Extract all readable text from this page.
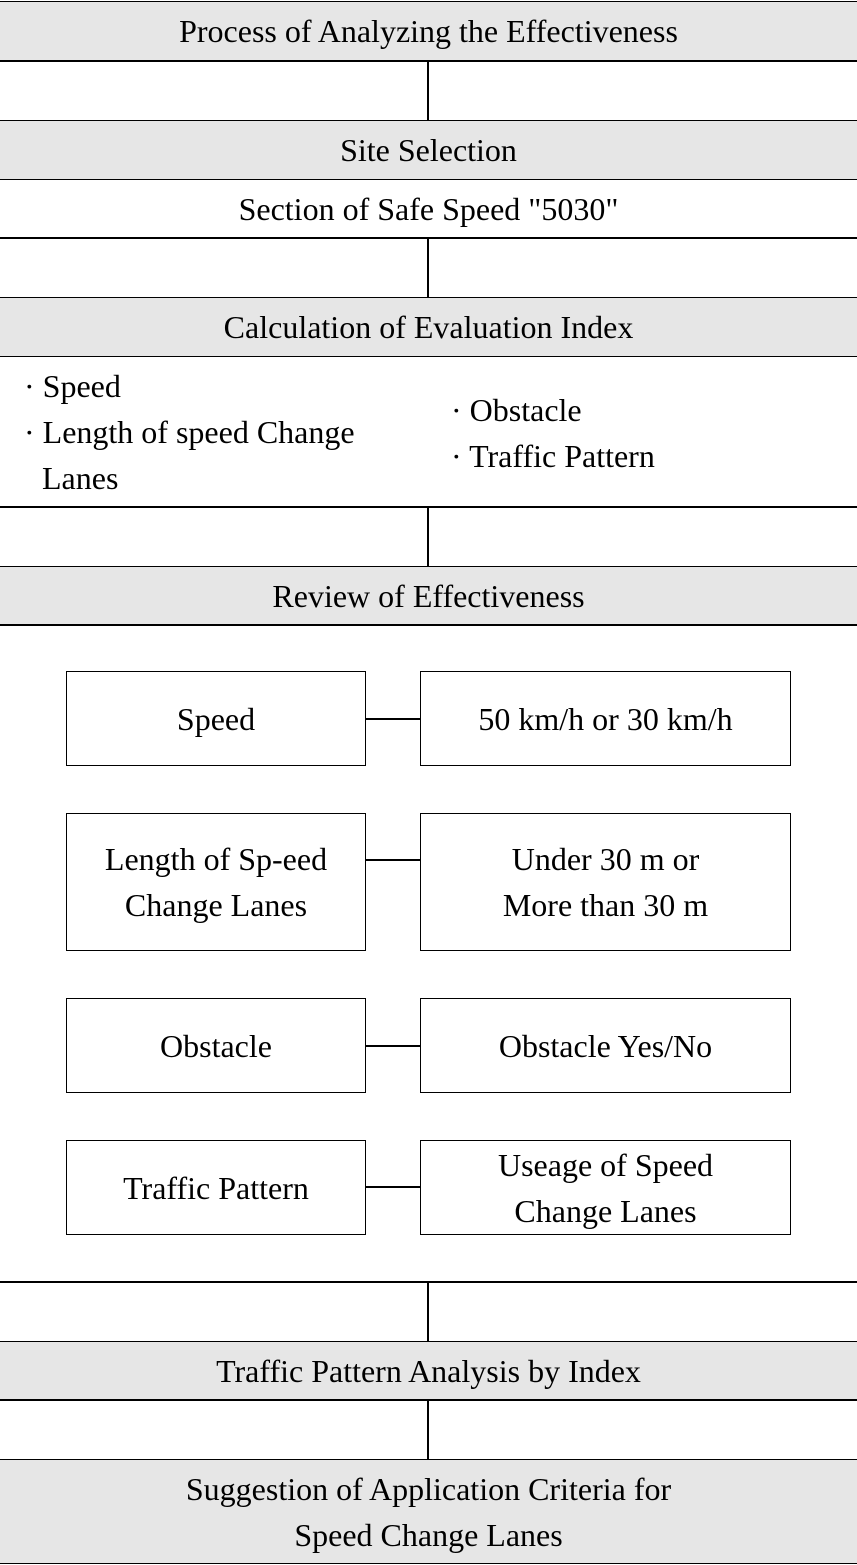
Process of Analyzing the Effectiveness
Site Selection
Section of Safe Speed "5030"
Calculation of Evaluation Index
· Speed
· Length of speed Change
Lanes
· Obstacle
· Traffic Pattern
Review of Effectiveness
Speed	50 km/h or 30 km/h
Length of Sp-eed
Change Lanes
Under 30 m or
More than 30 m
Obstacle	Obstacle Yes/No
Traffic Pattern
Useage of Speed
Change Lanes
Traffic Pattern Analysis by Index
Suggestion of Application Criteria for
Speed Change Lanes
